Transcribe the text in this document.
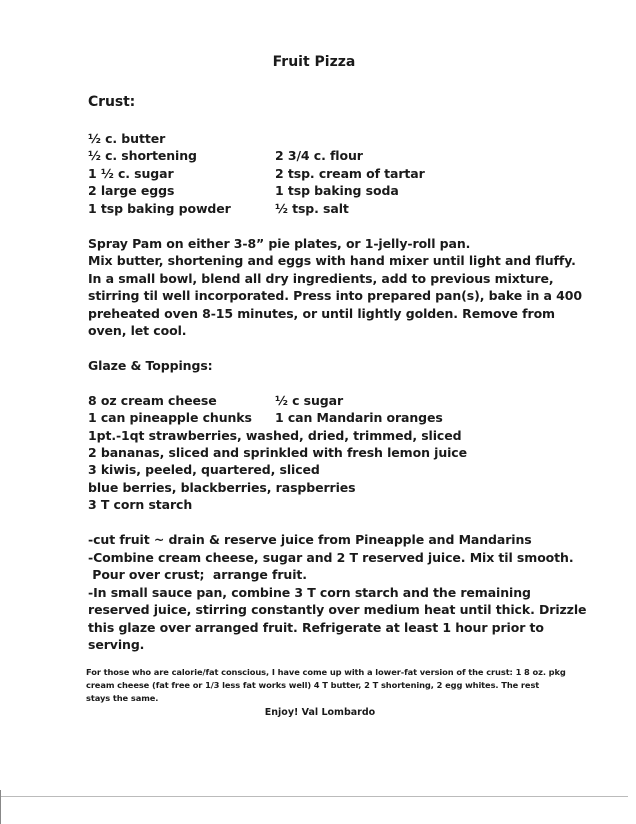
Fruit Pizza
Crust:
½ c. butter
½ c. shortening
1 ½ c. sugar
2 large eggs
1 tsp baking powder
2 3/4 c. flour
2 tsp. cream of tartar
1 tsp baking soda
½ tsp. salt
Spray Pam on either 3-8” pie plates, or 1-jelly-roll pan.
Mix butter, shortening and eggs with hand mixer until light and fluffy.
In a small bowl, blend all dry ingredients, add to previous mixture,
stirring til well incorporated. Press into prepared pan(s), bake in a 400
preheated oven 8-15 minutes, or until lightly golden. Remove from
oven, let cool.
Glaze & Toppings:
8 oz cream cheese	½ c sugar
1 can pineapple chunks 1 can Mandarin oranges
1pt.-1qt strawberries, washed, dried, trimmed, sliced
2 bananas, sliced and sprinkled with fresh lemon juice
3 kiwis, peeled, quartered, sliced
blue berries, blackberries, raspberries
3 T corn starch
-cut fruit ~ drain & reserve juice from Pineapple and Mandarins
-Combine cream cheese, sugar and 2 T reserved juice. Mix til smooth.
Pour over crust;  arrange fruit.
-In small sauce pan, combine 3 T corn starch and the remaining
reserved juice, stirring constantly over medium heat until thick. Drizzle
this glaze over arranged fruit. Refrigerate at least 1 hour prior to
serving.
For those who are calorie/fat conscious, I have come up with a lower-fat version of the crust: 1 8 oz. pkg
cream cheese (fat free or 1/3 less fat works well) 4 T butter, 2 T shortening, 2 egg whites. The rest
stays the same.
Enjoy! Val Lombardo
